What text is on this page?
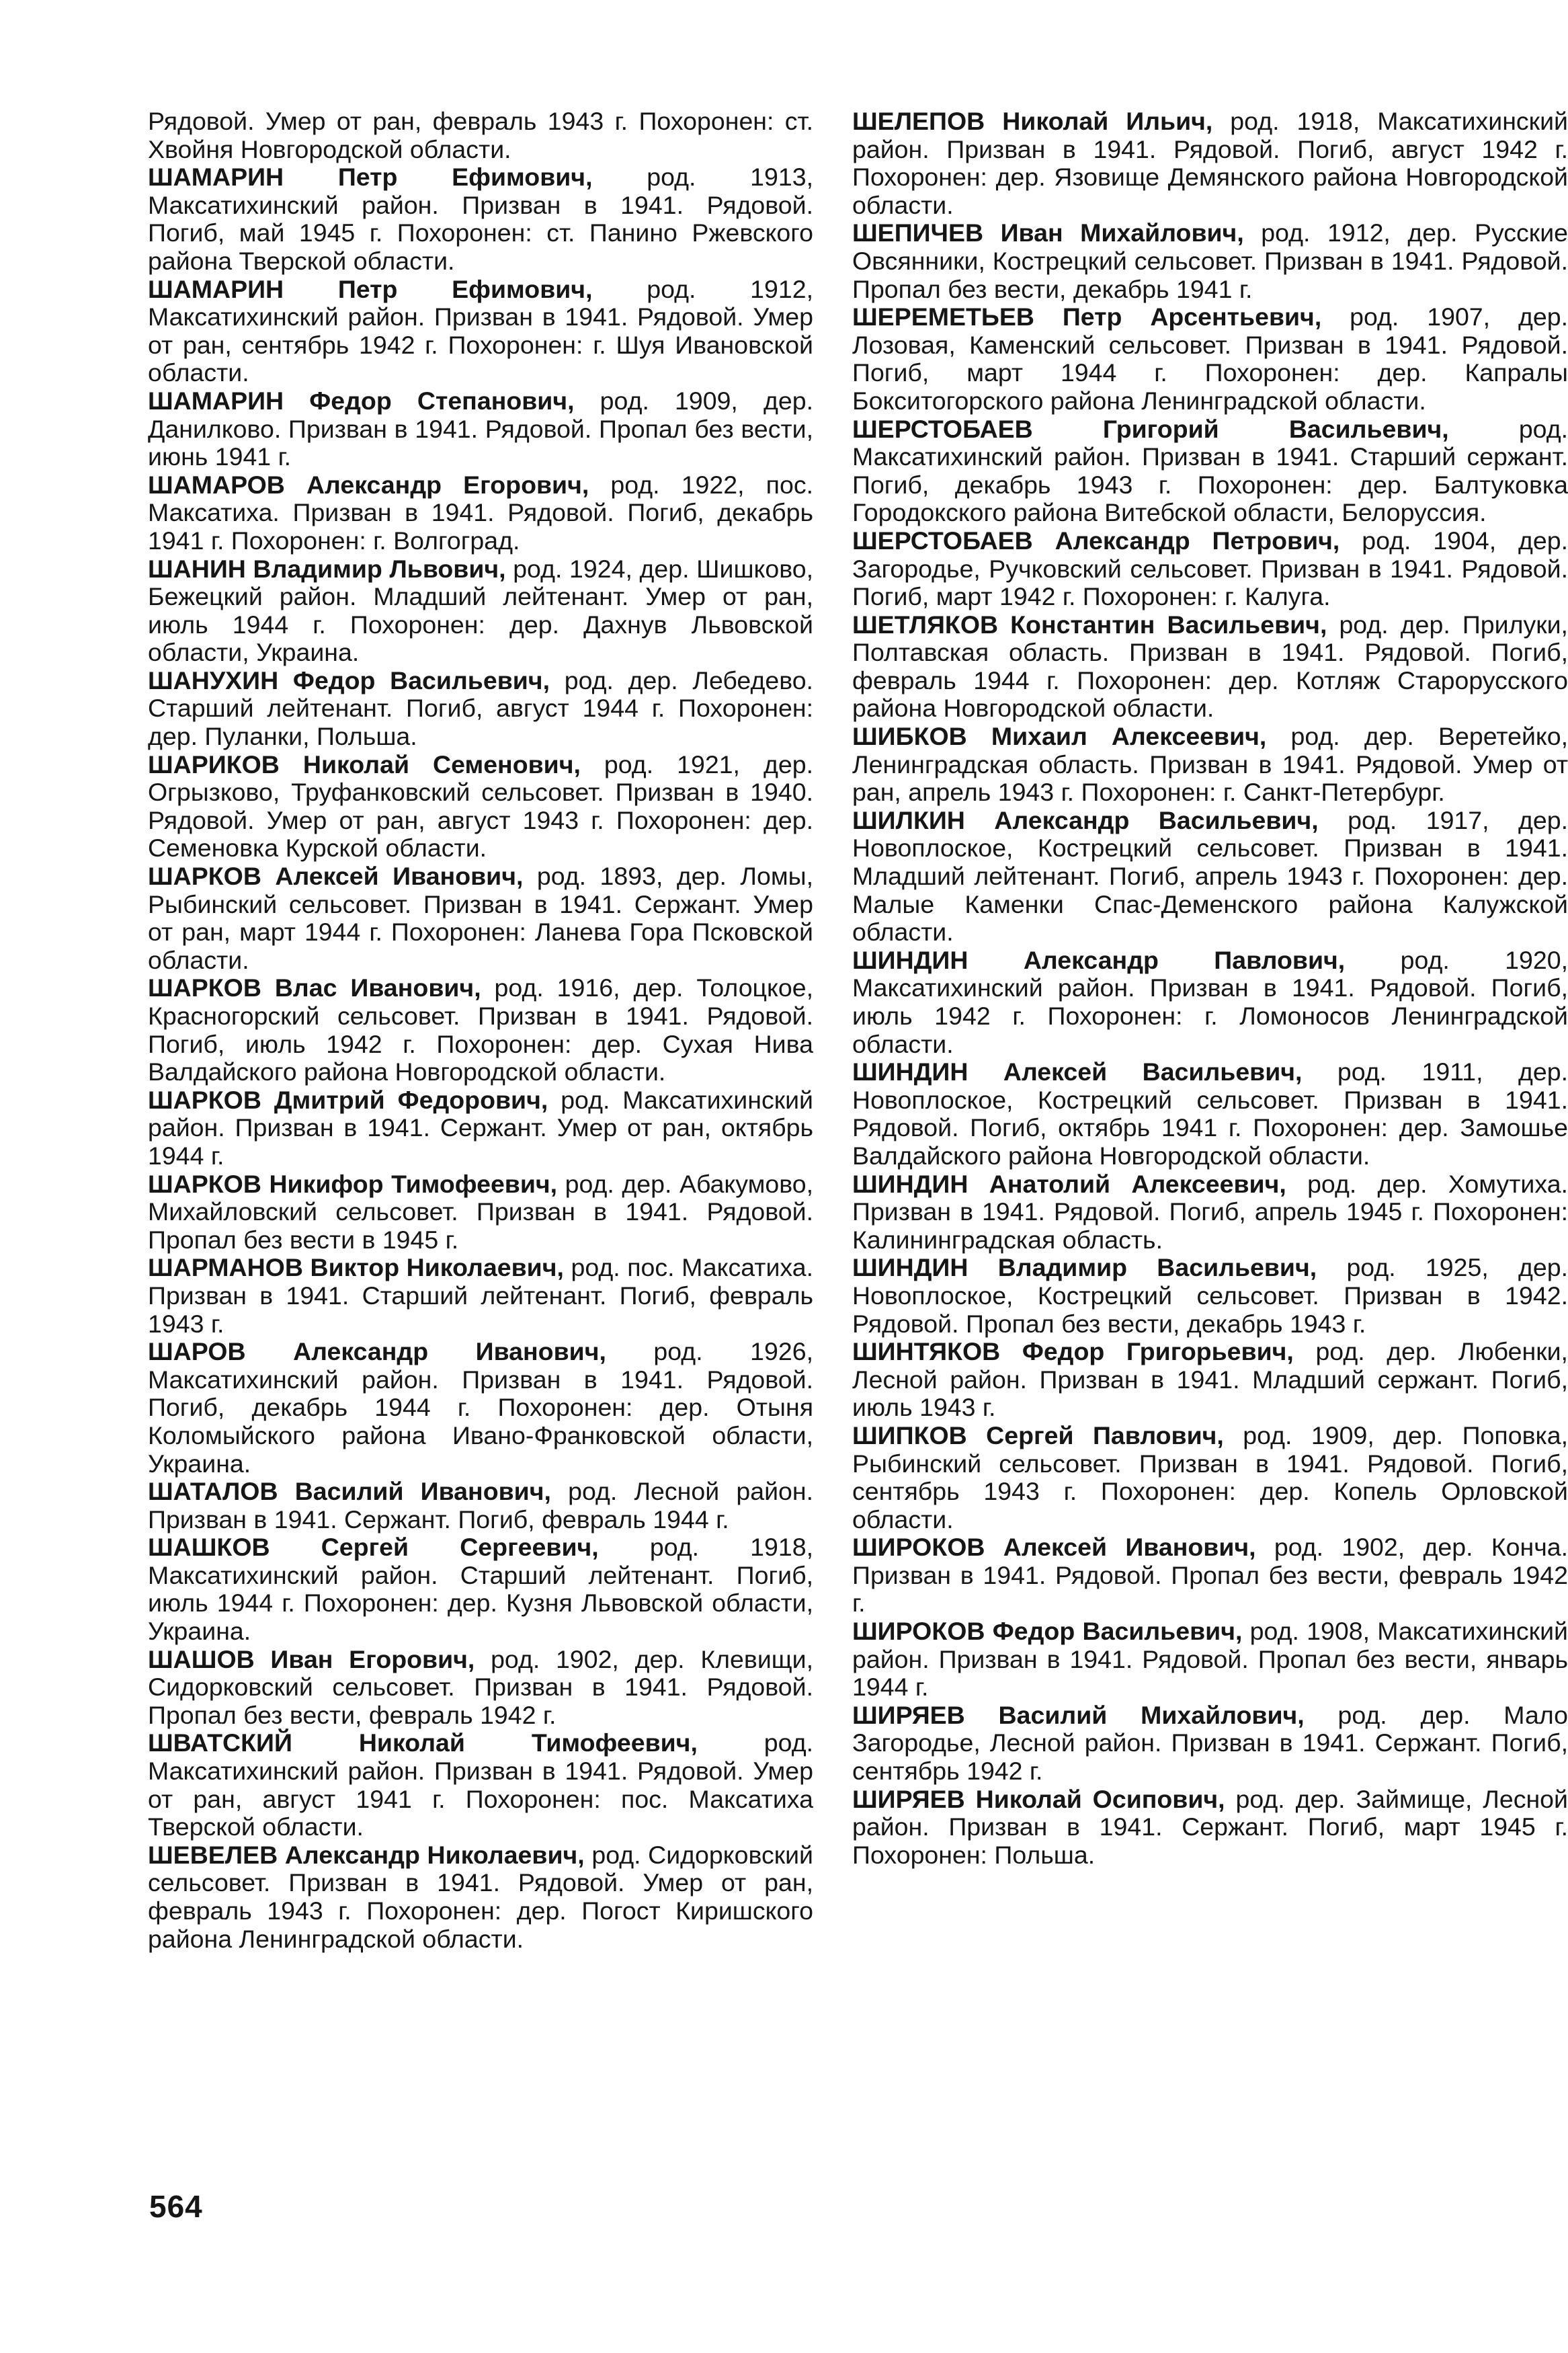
Рядовой. Умер от ран, февраль 1943 г. Похоронен: ст. Хвойня Новгородской области.

ШАМАРИН Петр Ефимович, род. 1913, Максатихинский район. Призван в 1941. Рядовой. Погиб, май 1945 г. Похоронен: ст. Панино Ржевского района Тверской области.

ШАМАРИН Петр Ефимович, род. 1912, Максатихинский район. Призван в 1941. Рядовой. Умер от ран, сентябрь 1942 г. Похоронен: г. Шуя Ивановской области.

ШАМАРИН Федор Степанович, род. 1909, дер. Данилково. Призван в 1941. Рядовой. Пропал без вести, июнь 1941 г.

ШАМАРОВ Александр Егорович, род. 1922, пос. Максатиха. Призван в 1941. Рядовой. Погиб, декабрь 1941 г. Похоронен: г. Волгоград.

ШАНИН Владимир Львович, род. 1924, дер. Шишково, Бежецкий район. Младший лейтенант. Умер от ран, июль 1944 г. Похоронен: дер. Дахнув Львовской области, Украина.

ШАНУХИН Федор Васильевич, род. дер. Лебедево. Старший лейтенант. Погиб, август 1944 г. Похоронен: дер. Пуланки, Польша.

ШАРИКОВ Николай Семенович, род. 1921, дер. Огрызково, Труфанковский сельсовет. Призван в 1940. Рядовой. Умер от ран, август 1943 г. Похоронен: дер. Семеновка Курской области.

ШАРКОВ Алексей Иванович, род. 1893, дер. Ломы, Рыбинский сельсовет. Призван в 1941. Сержант. Умер от ран, март 1944 г. Похоронен: Ланева Гора Псковской области.

ШАРКОВ Влас Иванович, род. 1916, дер. Толоцкое, Красногорский сельсовет. Призван в 1941. Рядовой. Погиб, июль 1942 г. Похоронен: дер. Сухая Нива Валдайского района Новгородской области.

ШАРКОВ Дмитрий Федорович, род. Максатихинский район. Призван в 1941. Сержант. Умер от ран, октябрь 1944 г.

ШАРКОВ Никифор Тимофеевич, род. дер. Абакумово, Михайловский сельсовет. Призван в 1941. Рядовой. Пропал без вести в 1945 г.

ШАРМАНОВ Виктор Николаевич, род. пос. Максатиха. Призван в 1941. Старший лейтенант. Погиб, февраль 1943 г.

ШАРОВ Александр Иванович, род. 1926, Максатихинский район. Призван в 1941. Рядовой. Погиб, декабрь 1944 г. Похоронен: дер. Отыня Коломыйского района Ивано-Франковской области, Украина.

ШАТАЛОВ Василий Иванович, род. Лесной район. Призван в 1941. Сержант. Погиб, февраль 1944 г.

ШАШКОВ Сергей Сергеевич, род. 1918, Максатихинский район. Старший лейтенант. Погиб, июль 1944 г. Похоронен: дер. Кузня Львовской области, Украина.

ШАШОВ Иван Егорович, род. 1902, дер. Клевищи, Сидорковский сельсовет. Призван в 1941. Рядовой. Пропал без вести, февраль 1942 г.

ШВАТСКИЙ Николай Тимофеевич, род. Максатихинский район. Призван в 1941. Рядовой. Умер от ран, август 1941 г. Похоронен: пос. Максатиха Тверской области.

ШЕВЕЛЕВ Александр Николаевич, род. Сидорковский сельсовет. Призван в 1941. Рядовой. Умер от ран, февраль 1943 г. Похоронен: дер. Погост Киришского района Ленинградской области.

ШЕЛЕПОВ Николай Ильич, род. 1918, Максатихинский район. Призван в 1941. Рядовой. Погиб, август 1942 г. Похоронен: дер. Язовище Демянского района Новгородской области.

ШЕПИЧЕВ Иван Михайлович, род. 1912, дер. Русские Овсянники, Кострецкий сельсовет. Призван в 1941. Рядовой. Пропал без вести, декабрь 1941 г.

ШЕРЕМЕТЬЕВ Петр Арсентьевич, род. 1907, дер. Лозовая, Каменский сельсовет. Призван в 1941. Рядовой. Погиб, март 1944 г. Похоронен: дер. Капралы Бокситогорского района Ленинградской области.

ШЕРСТОБАЕВ Григорий Васильевич, род. Максатихинский район. Призван в 1941. Старший сержант. Погиб, декабрь 1943 г. Похоронен: дер. Балтуковка Городокского района Витебской области, Белоруссия.

ШЕРСТОБАЕВ Александр Петрович, род. 1904, дер. Загородье, Ручковский сельсовет. Призван в 1941. Рядовой. Погиб, март 1942 г. Похоронен: г. Калуга.

ШЕТЛЯКОВ Константин Васильевич, род. дер. Прилуки, Полтавская область. Призван в 1941. Рядовой. Погиб, февраль 1944 г. Похоронен: дер. Котляж Старорусского района Новгородской области.

ШИБКОВ Михаил Алексеевич, род. дер. Веретейко, Ленинградская область. Призван в 1941. Рядовой. Умер от ран, апрель 1943 г. Похоронен: г. Санкт-Петербург.

ШИЛКИН Александр Васильевич, род. 1917, дер. Новоплоское, Кострецкий сельсовет. Призван в 1941. Младший лейтенант. Погиб, апрель 1943 г. Похоронен: дер. Малые Каменки Спас-Деменского района Калужской области.

ШИНДИН Александр Павлович, род. 1920, Максатихинский район. Призван в 1941. Рядовой. Погиб, июль 1942 г. Похоронен: г. Ломоносов Ленинградской области.

ШИНДИН Алексей Васильевич, род. 1911, дер. Новоплоское, Кострецкий сельсовет. Призван в 1941. Рядовой. Погиб, октябрь 1941 г. Похоронен: дер. Замошье Валдайского района Новгородской области.

ШИНДИН Анатолий Алексеевич, род. дер. Хомутиха. Призван в 1941. Рядовой. Погиб, апрель 1945 г. Похоронен: Калининградская область.

ШИНДИН Владимир Васильевич, род. 1925, дер. Новоплоское, Кострецкий сельсовет. Призван в 1942. Рядовой. Пропал без вести, декабрь 1943 г.

ШИНТЯКОВ Федор Григорьевич, род. дер. Любенки, Лесной район. Призван в 1941. Младший сержант. Погиб, июль 1943 г.

ШИПКОВ Сергей Павлович, род. 1909, дер. Поповка, Рыбинский сельсовет. Призван в 1941. Рядовой. Погиб, сентябрь 1943 г. Похоронен: дер. Копель Орловской области.

ШИРОКОВ Алексей Иванович, род. 1902, дер. Конча. Призван в 1941. Рядовой. Пропал без вести, февраль 1942 г.

ШИРОКОВ Федор Васильевич, род. 1908, Максатихинский район. Призван в 1941. Рядовой. Пропал без вести, январь 1944 г.

ШИРЯЕВ Василий Михайлович, род. дер. Мало Загородье, Лесной район. Призван в 1941. Сержант. Погиб, сентябрь 1942 г.

ШИРЯЕВ Николай Осипович, род. дер. Займище, Лесной район. Призван в 1941. Сержант. Погиб, март 1945 г. Похоронен: Польша.

564
